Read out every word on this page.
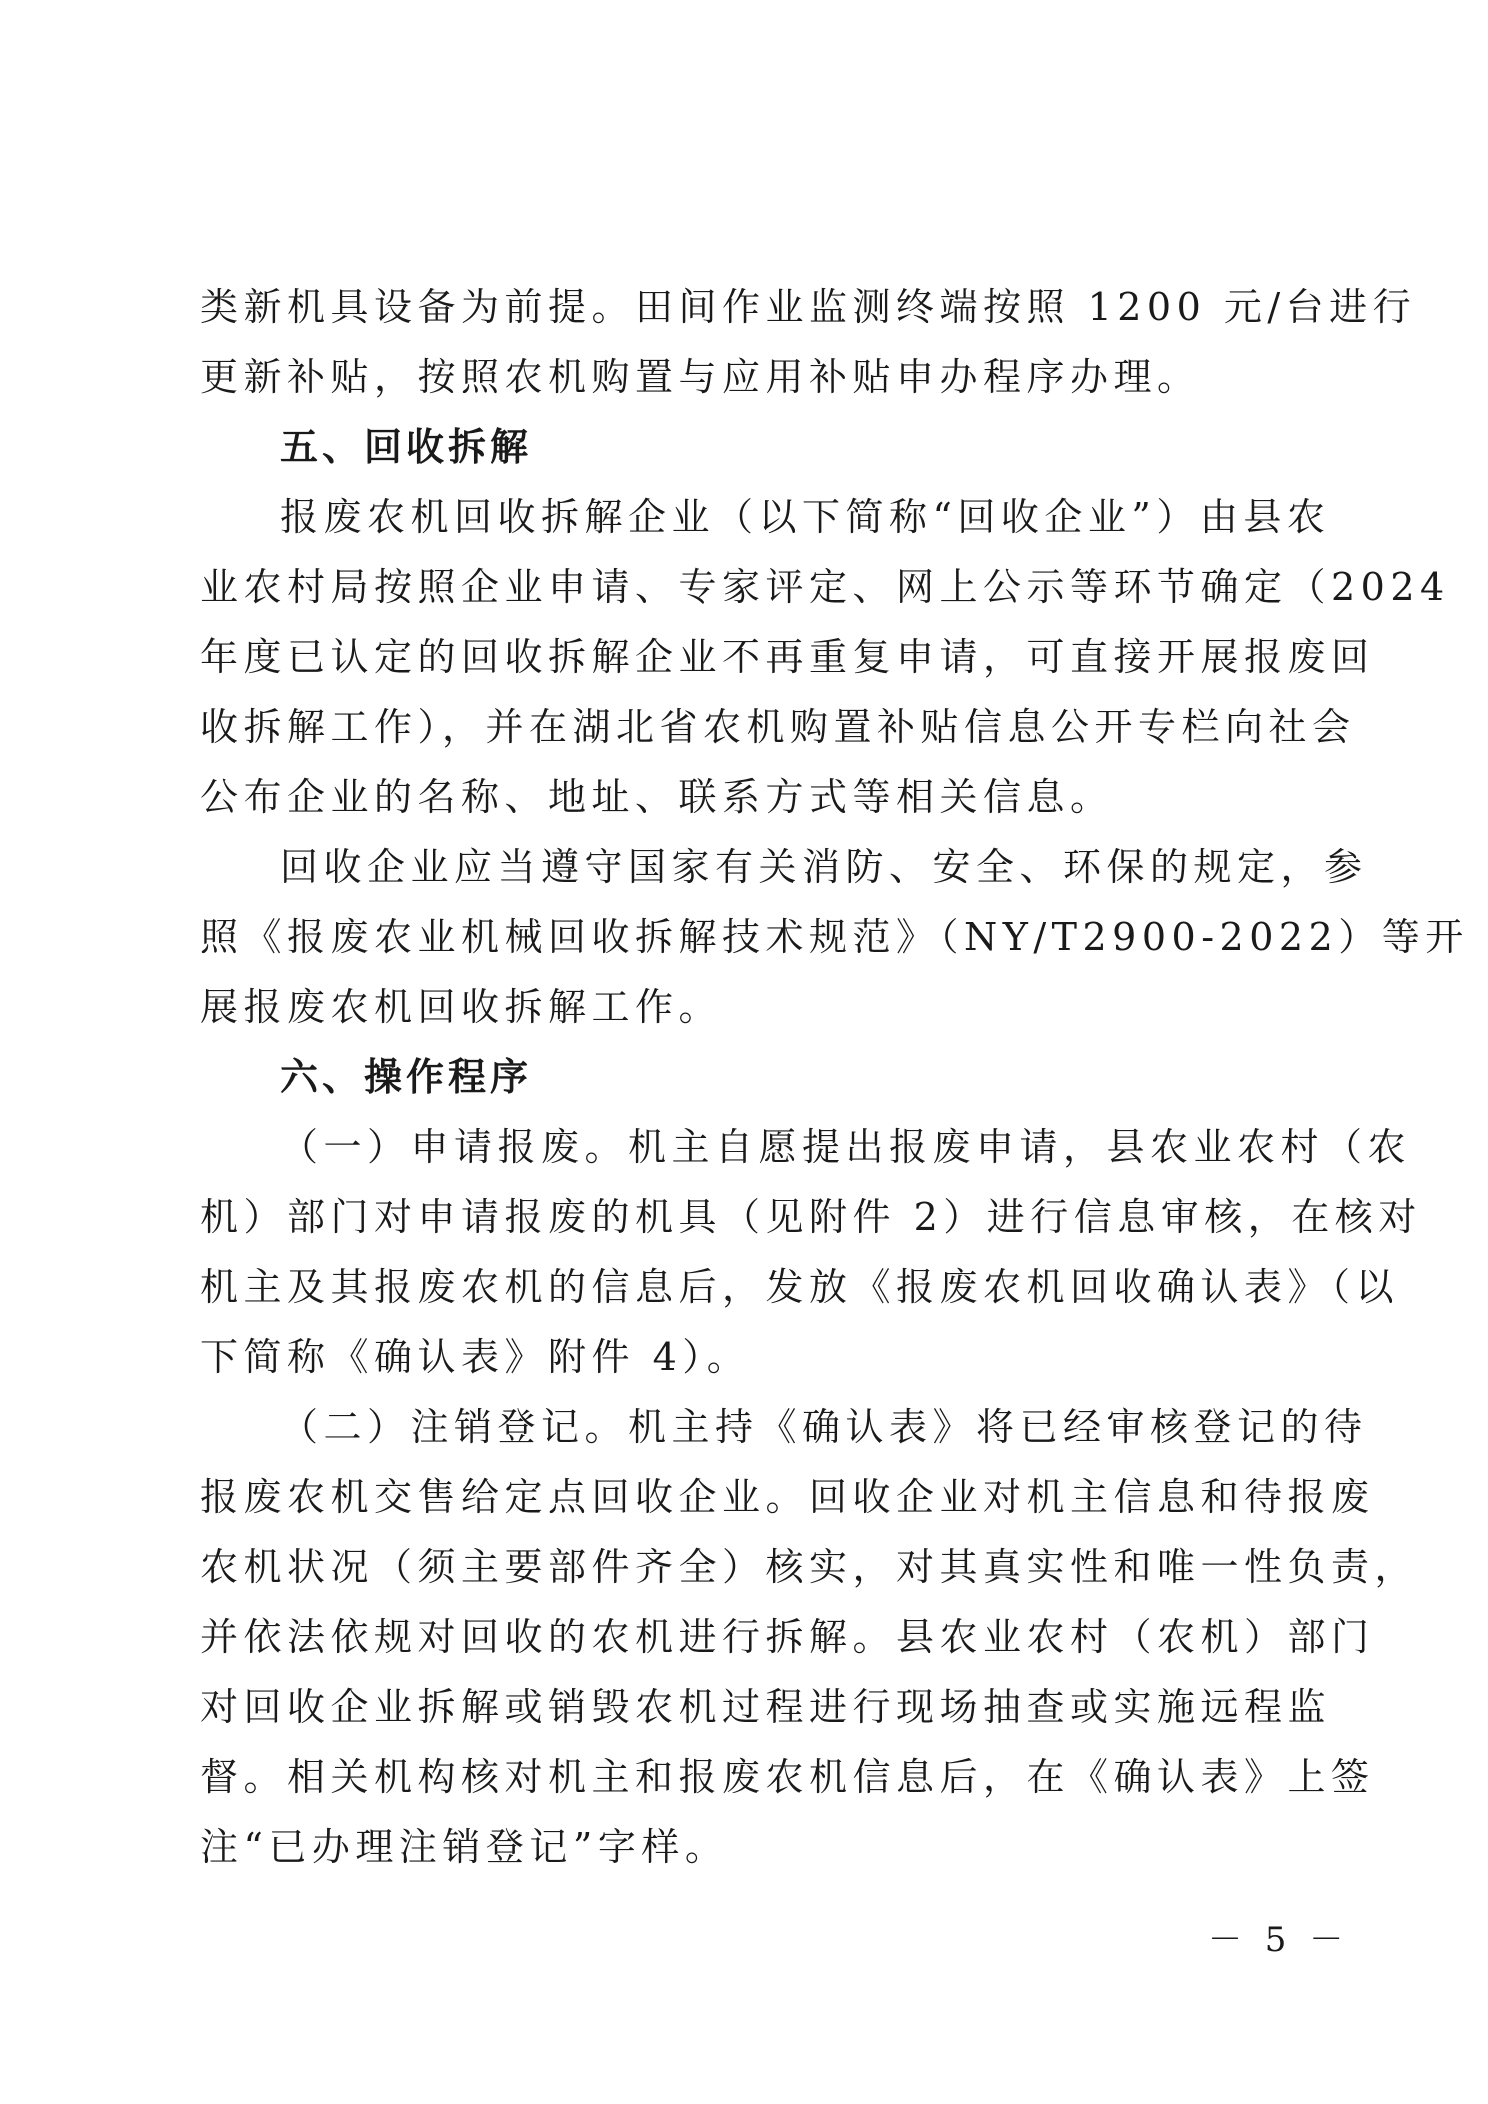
类新机具设备为前提。田间作业监测终端按照 1200 元/台进行
更新补贴，按照农机购置与应用补贴申办程序办理。
五、回收拆解
报废农机回收拆解企业（以下简称“回收企业”）由县农
业农村局按照企业申请、专家评定、网上公示等环节确定（2024
年度已认定的回收拆解企业不再重复申请，可直接开展报废回
收拆解工作），并在湖北省农机购置补贴信息公开专栏向社会
公布企业的名称、地址、联系方式等相关信息。
回收企业应当遵守国家有关消防、安全、环保的规定，参
照《报废农业机械回收拆解技术规范》（NY/T2900-2022）等开
展报废农机回收拆解工作。
六、操作程序
（一）申请报废。机主自愿提出报废申请，县农业农村（农
机）部门对申请报废的机具（见附件 2）进行信息审核，在核对
机主及其报废农机的信息后，发放《报废农机回收确认表》（以
下简称《确认表》附件 4）。
（二）注销登记。机主持《确认表》将已经审核登记的待
报废农机交售给定点回收企业。回收企业对机主信息和待报废
农机状况（须主要部件齐全）核实，对其真实性和唯一性负责，
并依法依规对回收的农机进行拆解。县农业农村（农机）部门
对回收企业拆解或销毁农机过程进行现场抽查或实施远程监
督。相关机构核对机主和报废农机信息后，在《确认表》上签
注“已办理注销登记”字样。
－ 5 －
